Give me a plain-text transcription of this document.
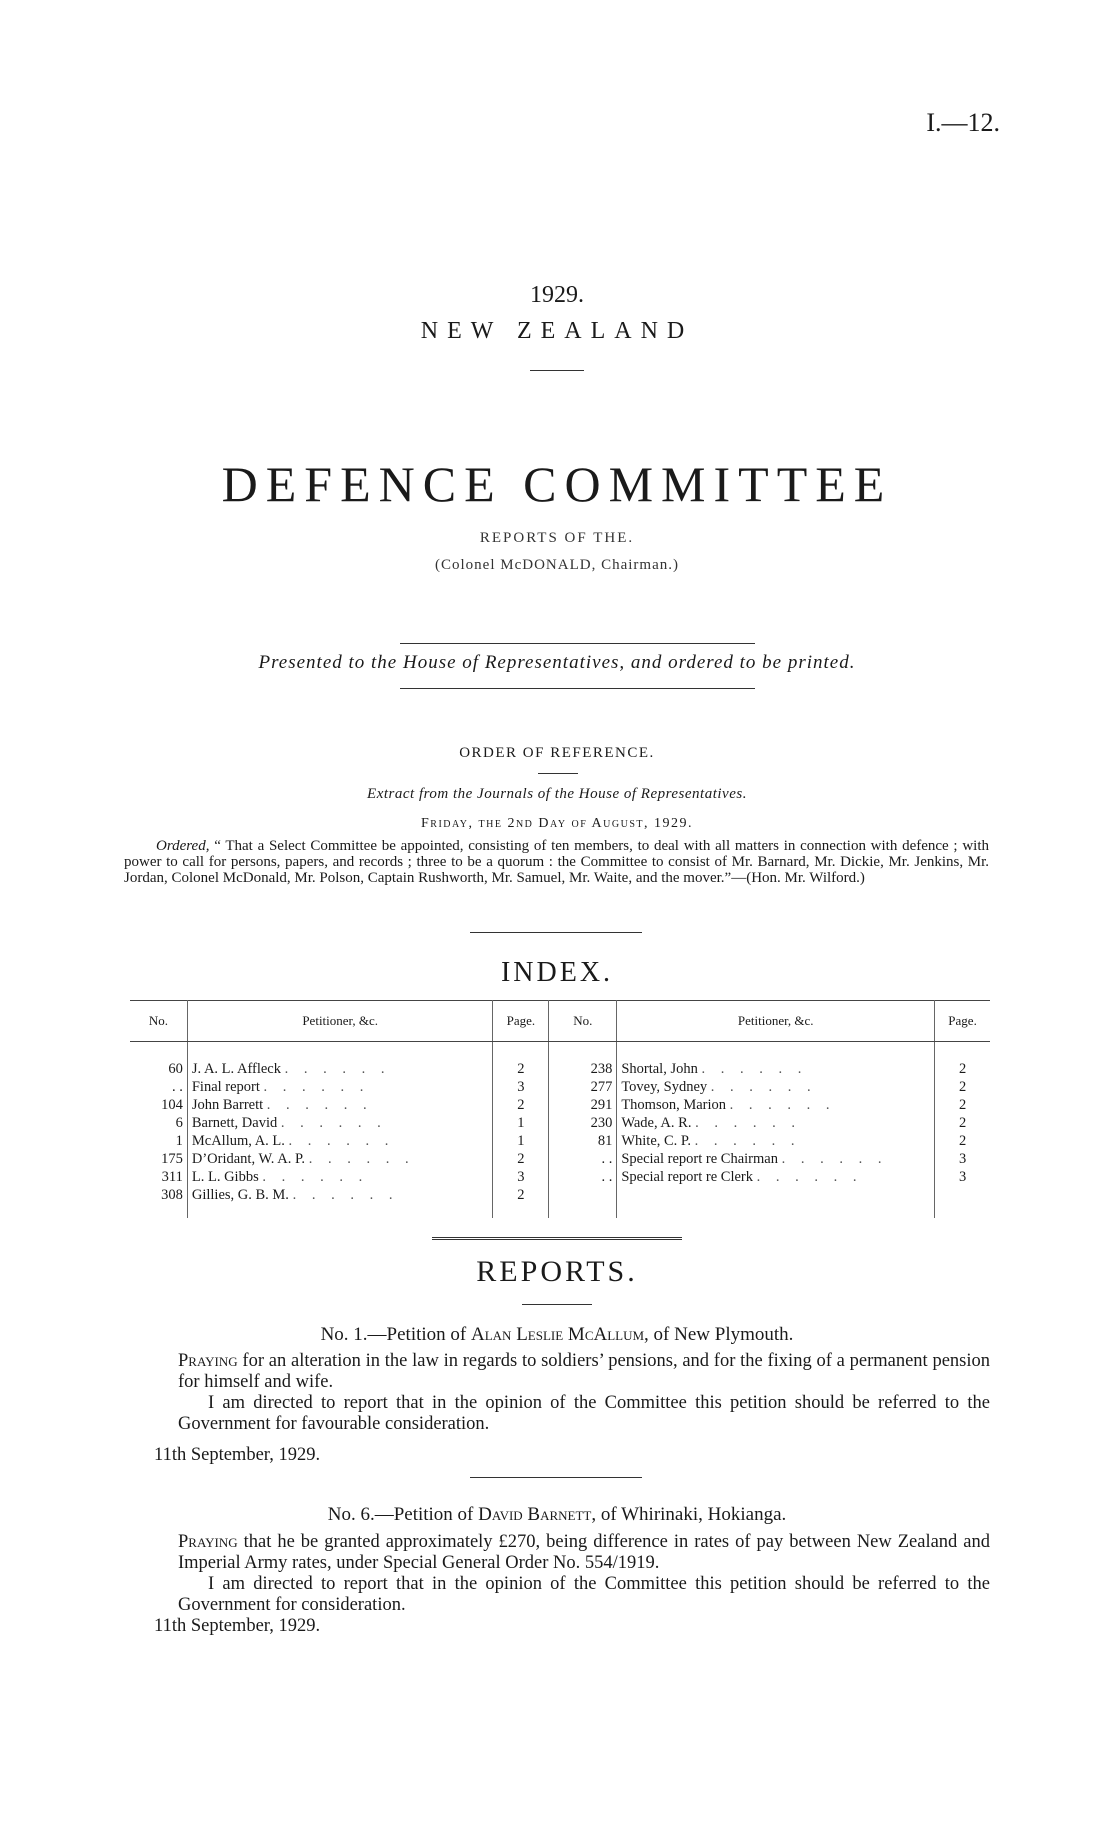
I.—12.
1929.
NEW ZEALAND
DEFENCE COMMITTEE
REPORTS OF THE.
(Colonel McDONALD, Chairman.)
Presented to the House of Representatives, and ordered to be printed.
ORDER OF REFERENCE.
Extract from the Journals of the House of Representatives.
Friday, the 2nd Day of August, 1929.
Ordered, “ That a Select Committee be appointed, consisting of ten members, to deal with all matters in connection with defence ; with power to call for persons, papers, and records ; three to be a quorum : the Committee to consist of Mr. Barnard, Mr. Dickie, Mr. Jenkins, Mr. Jordan, Colonel McDonald, Mr. Polson, Captain Rushworth, Mr. Samuel, Mr. Waite, and the mover.”—(Hon. Mr. Wilford.)
INDEX.
No.	Petitioner, &c.	Page.	No.	Petitioner, &c.	Page.
60	J. A. L. Affleck . . . . . .	2	238	Shortal, John . . . . . .	2
. .	Final report . . . . . .	3	277	Tovey, Sydney . . . . . .	2
104	John Barrett . . . . . .	2	291	Thomson, Marion . . . . . .	2
6	Barnett, David . . . . . .	1	230	Wade, A. R. . . . . . .	2
1	McAllum, A. L. . . . . . .	1	81	White, C. P. . . . . . .	2
175	D’Oridant, W. A. P. . . . . . .	2	. .	Special report re Chairman . . . . . .	3
311	L. L. Gibbs . . . . . .	3	. .	Special report re Clerk . . . . . .	3
308	Gillies, G. B. M. . . . . . .	2			
REPORTS.
No. 1.—Petition of Alan Leslie McAllum, of New Plymouth.
Praying for an alteration in the law in regards to soldiers’ pensions, and for the fixing of a permanent pension for himself and wife.
I am directed to report that in the opinion of the Committee this petition should be referred to the Government for favourable consideration.
11th September, 1929.
No. 6.—Petition of David Barnett, of Whirinaki, Hokianga.
Praying that he be granted approximately £270, being difference in rates of pay between New Zealand and Imperial Army rates, under Special General Order No. 554/1919.
I am directed to report that in the opinion of the Committee this petition should be referred to the Government for consideration.
11th September, 1929.
